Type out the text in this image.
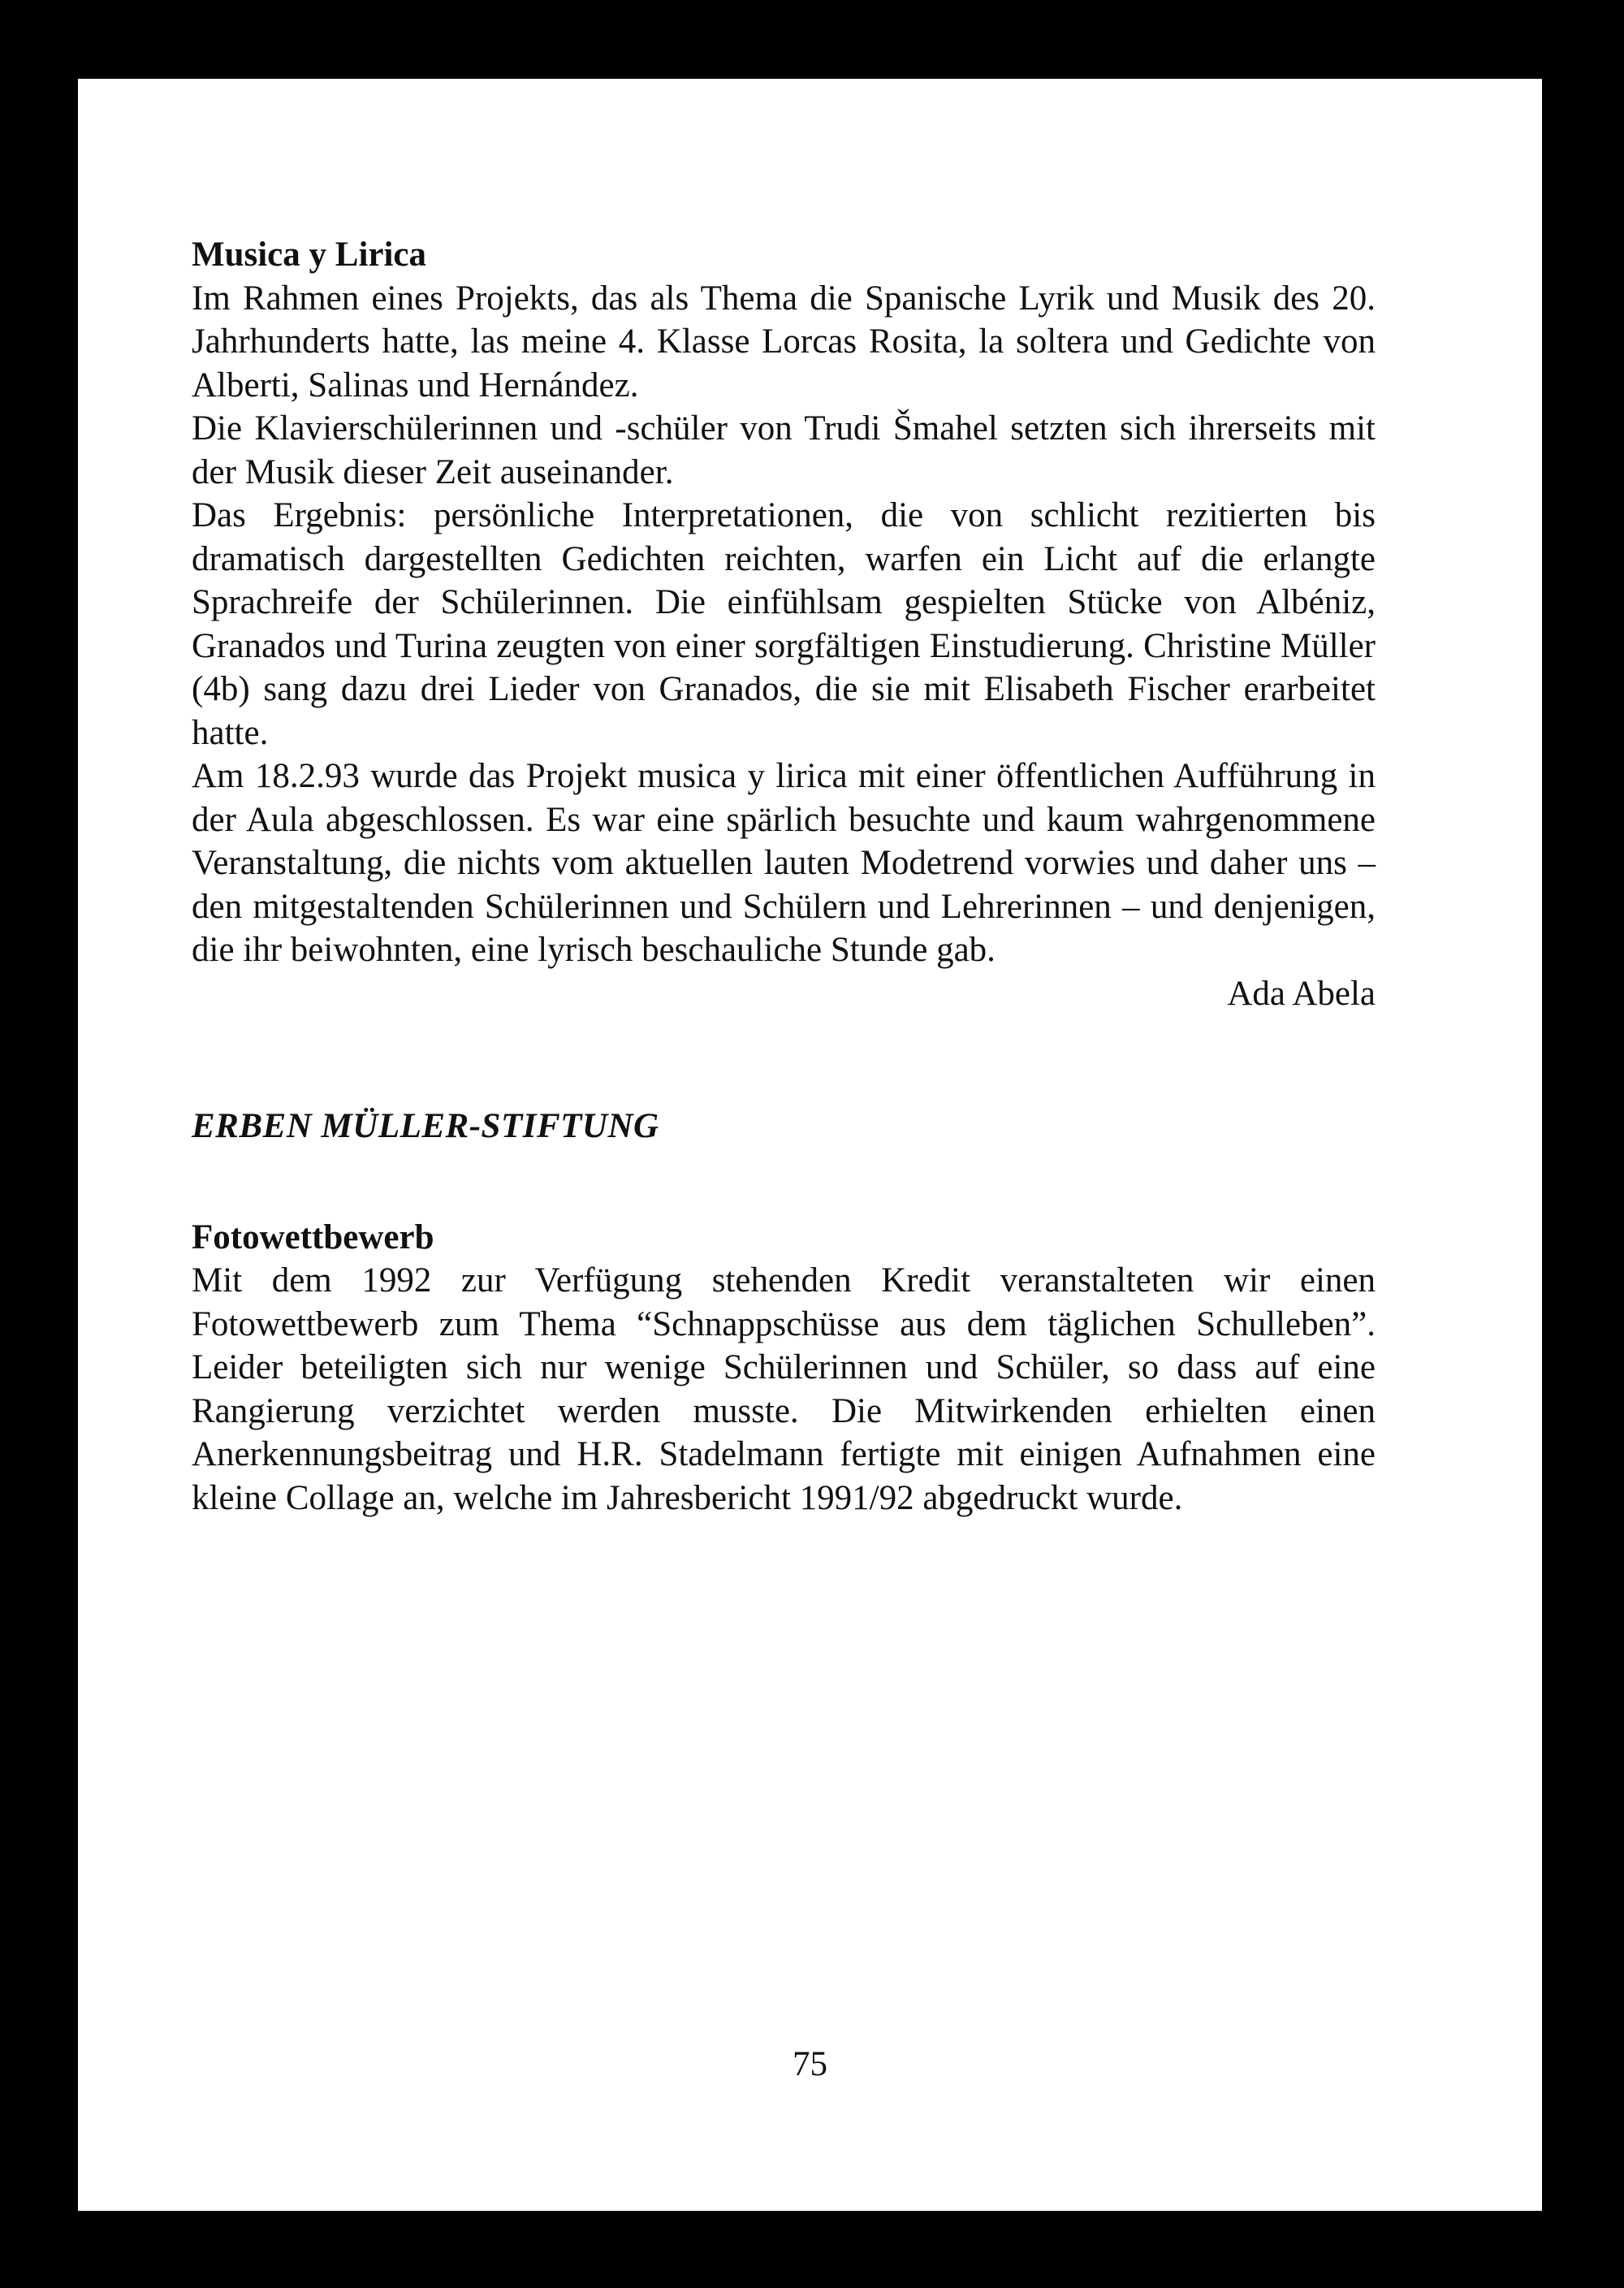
Musica y Lirica

Im Rahmen eines Projekts, das als Thema die Spanische Lyrik und Musik des 20. Jahrhunderts hatte, las meine 4. Klasse Lorcas Rosita, la soltera und Gedichte von Alberti, Salinas und Hernández.

Die Klavierschülerinnen und -schüler von Trudi Šmahel setzten sich ihrerseits mit der Musik dieser Zeit auseinander.

Das Ergebnis: persönliche Interpretationen, die von schlicht rezitierten bis dramatisch dargestellten Gedichten reichten, warfen ein Licht auf die erlangte Sprachreife der Schülerinnen. Die einfühlsam gespielten Stücke von Albéniz, Granados und Turina zeugten von einer sorgfältigen Einstudierung. Christine Müller (4b) sang dazu drei Lieder von Granados, die sie mit Elisabeth Fischer erarbeitet hatte.

Am 18.2.93 wurde das Projekt musica y lirica mit einer öffentlichen Aufführung in der Aula abgeschlossen. Es war eine spärlich besuchte und kaum wahrgenommene Veranstaltung, die nichts vom aktuellen lauten Modetrend vorwies und daher uns – den mitgestaltenden Schülerinnen und Schülern und Lehrerinnen – und denjenigen, die ihr beiwohnten, eine lyrisch beschauliche Stunde gab.

Ada Abela

ERBEN MÜLLER-STIFTUNG

Fotowettbewerb

Mit dem 1992 zur Verfügung stehenden Kredit veranstalteten wir einen Fotowettbewerb zum Thema “Schnappschüsse aus dem täglichen Schulleben”. Leider beteiligten sich nur wenige Schülerinnen und Schüler, so dass auf eine Rangierung verzichtet werden musste. Die Mitwirkenden erhielten einen Anerkennungsbeitrag und H.R. Stadelmann fertigte mit einigen Aufnahmen eine kleine Collage an, welche im Jahresbericht 1991/92 abgedruckt wurde.

75
